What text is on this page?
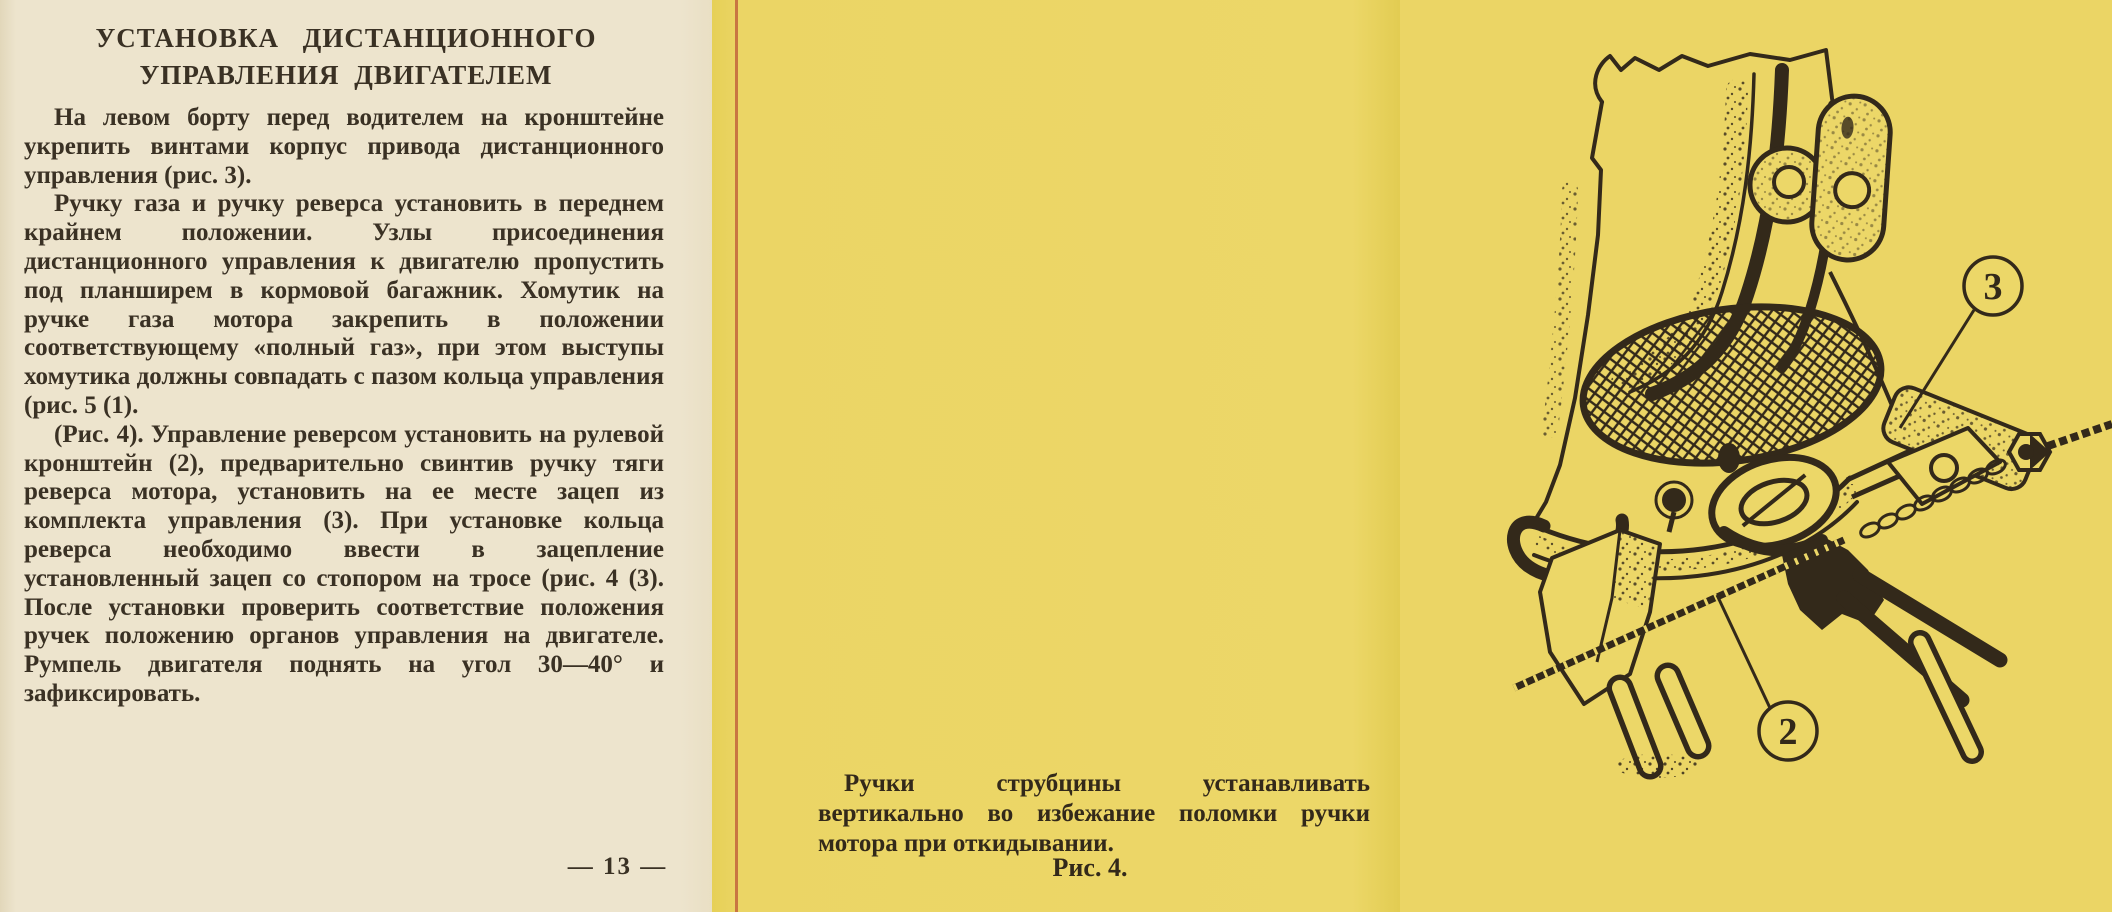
УСТАНОВКА ДИСТАНЦИОННОГО
УПРАВЛЕНИЯ ДВИГАТЕЛЕМ

На левом борту перед водителем на кронштейне укрепить винтами корпус привода дистанционного управления (рис. 3).

Ручку газа и ручку реверса установить в переднем крайнем положении. Узлы присоединения дистанционного управления к двигателю пропустить под планширем в кормовой багажник. Хомутик на ручке газа мотора закрепить в положении соответствующему «полный газ», при этом выступы хомутика должны совпадать с пазом кольца управления (рис. 5 (1).

(Рис. 4). Управление реверсом установить на рулевой кронштейн (2), предварительно свинтив ручку тяги реверса мотора, установить на ее месте зацеп из комплекта управления (3). При установке кольца реверса необходимо ввести в зацепление установленный зацеп со стопором на тросе (рис. 4 (3). После установки проверить соответствие положения ручек положению органов управления на двигателе. Румпель двигателя поднять на угол 30—40° и зафиксировать.

— 13 —
3
2

Ручки струбцины устанавливать вертикально во избежание поломки ручки мотора при откидывании.

Рис. 4.
